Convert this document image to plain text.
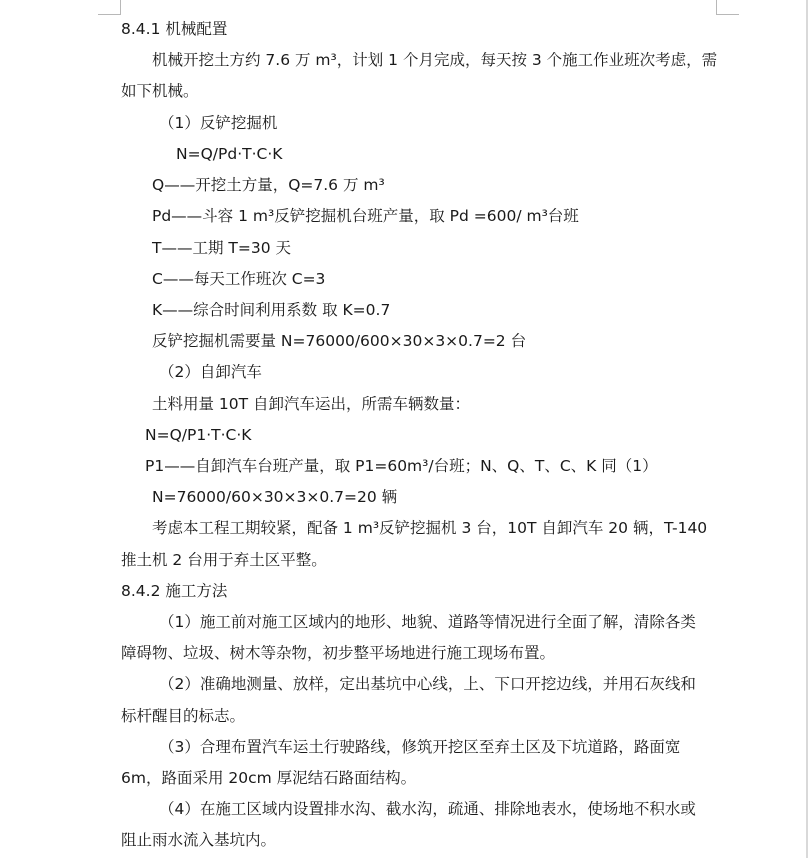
8.4.1 机械配置
机械开挖土方约 7.6 万 m³，计划 1 个月完成，每天按 3 个施工作业班次考虑，需
如下机械。
（1）反铲挖掘机
N=Q/Pd·T·C·K
Q——开挖土方量，Q=7.6 万 m³
Pd——斗容 1 m³反铲挖掘机台班产量，取 Pd =600/ m³台班
T——工期 T=30 天
C——每天工作班次 C=3
K——综合时间利用系数 取 K=0.7
反铲挖掘机需要量 N=76000/600×30×3×0.7=2 台
（2）自卸汽车
土料用量 10T 自卸汽车运出，所需车辆数量：
N=Q/P1·T·C·K
P1——自卸汽车台班产量，取 P1=60m³/台班；N、Q、T、C、K 同（1）
N=76000/60×30×3×0.7=20 辆
考虑本工程工期较紧，配备 1 m³反铲挖掘机 3 台，10T 自卸汽车 20 辆，T-140
推土机 2 台用于弃土区平整。
8.4.2 施工方法
（1）施工前对施工区域内的地形、地貌、道路等情况进行全面了解，清除各类
障碍物、垃圾、树木等杂物，初步整平场地进行施工现场布置。
（2）准确地测量、放样，定出基坑中心线，上、下口开挖边线，并用石灰线和
标杆醒目的标志。
（3）合理布置汽车运土行驶路线，修筑开挖区至弃土区及下坑道路，路面宽
6m，路面采用 20cm 厚泥结石路面结构。
（4）在施工区域内设置排水沟、截水沟，疏通、排除地表水，使场地不积水或
阻止雨水流入基坑内。
